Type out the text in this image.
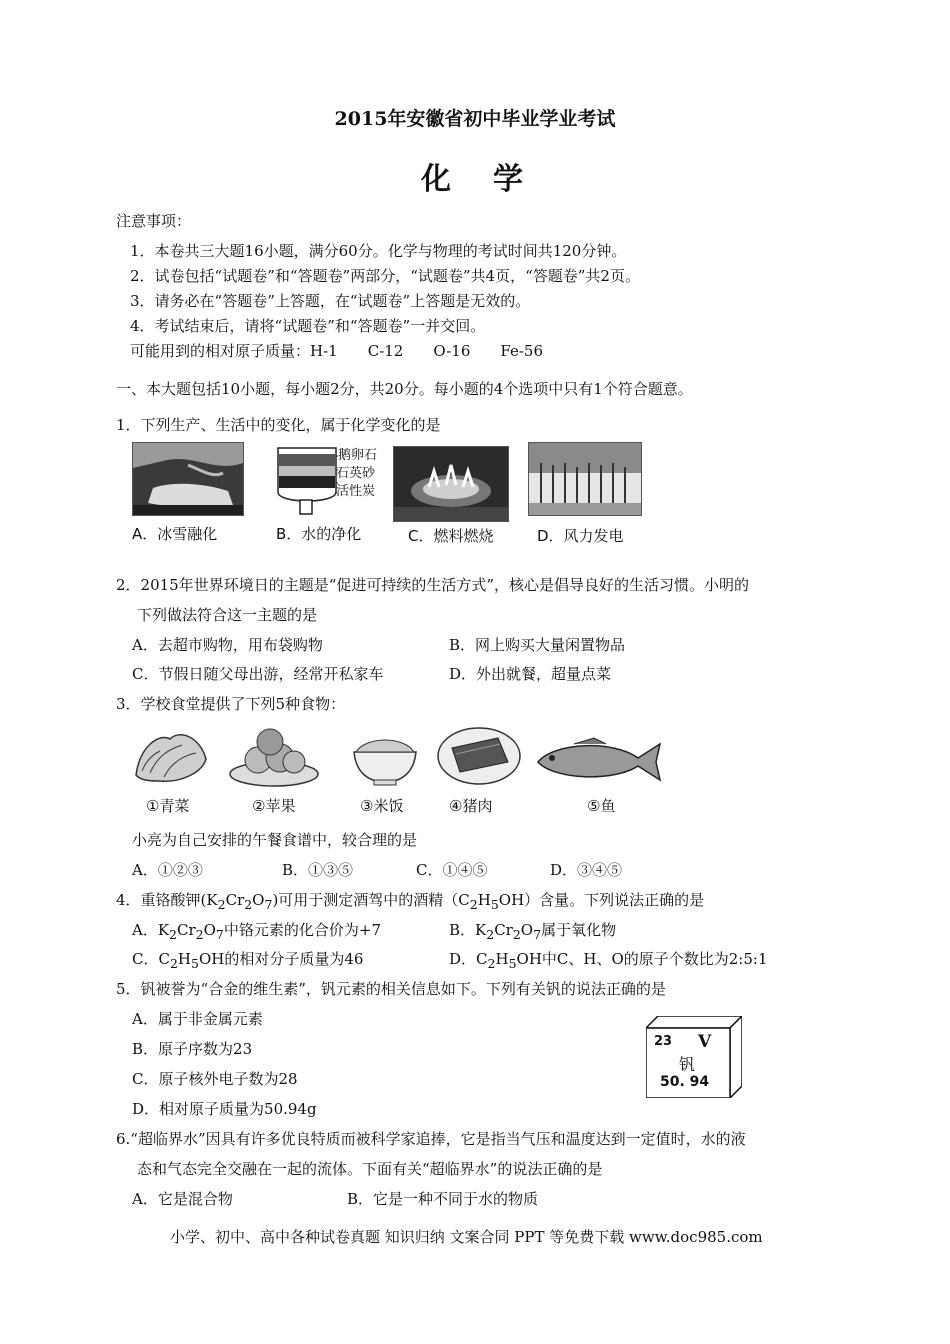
2015年安徽省初中毕业学业考试
化 学
注意事项：
1．本卷共三大题16小题，满分60分。化学与物理的考试时间共120分钟。
2．试卷包括“试题卷”和“答题卷”两部分，“试题卷”共4页，“答题卷”共2页。
3．请务必在“答题卷”上答题，在“试题卷”上答题是无效的。
4．考试结束后，请将“试题卷”和“答题卷”一并交回。
可能用到的相对原子质量：H-1 C-12 O-16 Fe-56
一、本大题包括10小题，每小题2分，共20分。每小题的4个选项中只有1个符合题意。
1．下列生产、生活中的变化，属于化学变化的是
鹅卵石
石英砂
活性炭
A．冰雪融化	B．水的净化	C．燃料燃烧	D．风力发电
2．2015年世界环境日的主题是“促进可持续的生活方式”，核心是倡导良好的生活习惯。小明的
下列做法符合这一主题的是
A．去超市购物，用布袋购物	B．网上购买大量闲置物品
C．节假日随父母出游，经常开私家车	D．外出就餐，超量点菜
3．学校食堂提供了下列5种食物：
①青菜	②苹果	③米饭	④猪肉	⑤鱼
小亮为自己安排的午餐食谱中，较合理的是
A．①②③	B．①③⑤	C．①④⑤	D．③④⑤
4．重铬酸钾$(K_2Cr_2O_7)$可用于测定酒驾中的酒精$(C_2H_5OH)$含量。下列说法正确的是
A．$K_2Cr_2O_7$中铬元素的化合价为+7	B．$K_2Cr_2O_7$属于氧化物
C．$C_2H_5OH$的相对分子质量为46	D．$C_2H_5OH$中C、H、O的原子个数比为2:5:1
5．钒被誉为“合金的维生素”，钒元素的相关信息如下。下列有关钒的说法正确的是
A．属于非金属元素
B．原子序数为23
C．原子核外电子数为28
D．相对原子质量为50.94g
23 V
钒
50. 94
6.“超临界水”因具有许多优良特质而被科学家追捧，它是指当气压和温度达到一定值时，水的液
态和气态完全交融在一起的流体。下面有关“超临界水”的说法正确的是
A．它是混合物	B．它是一种不同于水的物质
小学、初中、高中各种试卷真题 知识归纳 文案合同 PPT 等免费下载 www.doc985.com
